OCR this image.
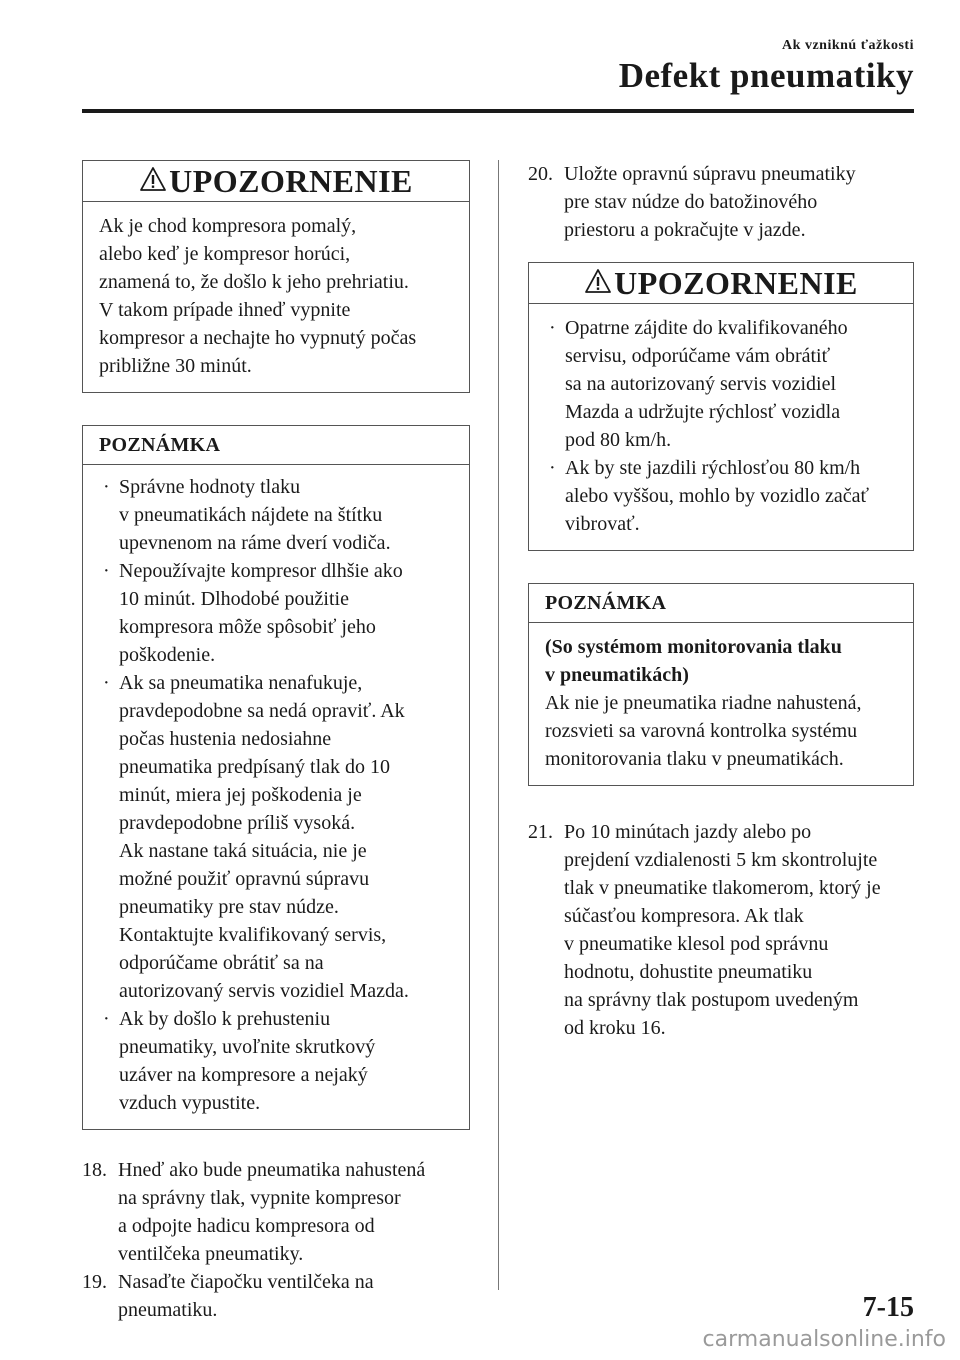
Ak vzniknú ťažkosti
Defekt pneumatiky
UPOZORNENIE
Ak je chod kompresora pomalý,
alebo keď je kompresor horúci,
znamená to, že došlo k jeho prehriatiu.
V takom prípade ihneď vypnite
kompresor a nechajte ho vypnutý počas
približne 30 minút.
POZNÁMKA
· Správne hodnoty tlaku
v pneumatikách nájdete na štítku
upevnenom na ráme dverí vodiča.
· Nepoužívajte kompresor dlhšie ako
10 minút. Dlhodobé použitie
kompresora môže spôsobiť jeho
poškodenie.
· Ak sa pneumatika nenafukuje,
pravdepodobne sa nedá opraviť. Ak
počas hustenia nedosiahne
pneumatika predpísaný tlak do 10
minút, miera jej poškodenia je
pravdepodobne príliš vysoká.
Ak nastane taká situácia, nie je
možné použiť opravnú súpravu
pneumatiky pre stav núdze.
Kontaktujte kvalifikovaný servis,
odporúčame obrátiť sa na
autorizovaný servis vozidiel Mazda.
· Ak by došlo k prehusteniu
pneumatiky, uvoľnite skrutkový
uzáver na kompresore a nejaký
vzduch vypustite.
18. Hneď ako bude pneumatika nahustená
na správny tlak, vypnite kompresor
a odpojte hadicu kompresora od
ventilčeka pneumatiky.
19. Nasaďte čiapočku ventilčeka na
pneumatiku.
20. Uložte opravnú súpravu pneumatiky
pre stav núdze do batožinového
priestoru a pokračujte v jazde.
UPOZORNENIE
· Opatrne zájdite do kvalifikovaného
servisu, odporúčame vám obrátiť
sa na autorizovaný servis vozidiel
Mazda a udržujte rýchlosť vozidla
pod 80 km/h.
· Ak by ste jazdili rýchlosťou 80 km/h
alebo vyššou, mohlo by vozidlo začať
vibrovať.
POZNÁMKA
(So systémom monitorovania tlaku
v pneumatikách)
Ak nie je pneumatika riadne nahustená,
rozsvieti sa varovná kontrolka systému
monitorovania tlaku v pneumatikách.
21. Po 10 minútach jazdy alebo po
prejdení vzdialenosti 5 km skontrolujte
tlak v pneumatike tlakomerom, ktorý je
súčasťou kompresora. Ak tlak
v pneumatike klesol pod správnu
hodnotu, dohustite pneumatiku
na správny tlak postupom uvedeným
od kroku 16.
7-15
carmanualsonline.info
